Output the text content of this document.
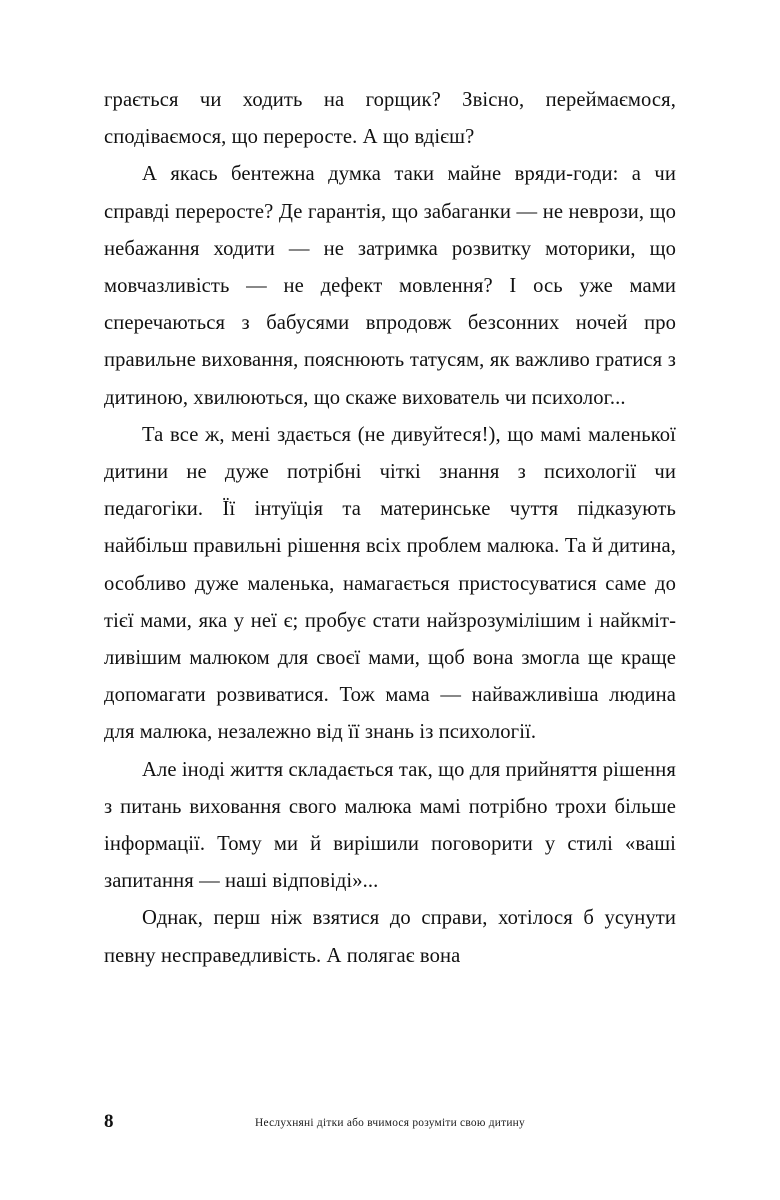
грається чи ходить на горщик? Звісно, переймаємося, сподіваємося, що переросте. А що вдієш?

А якась бентежна думка таки майне вряди-годи: а чи справді переросте? Де гарантія, що забаганки — не неврози, що небажання ходити — не затримка розвитку моторики, що мовчазливість — не дефект мовлення? І ось уже мами сперечаються з бабусями впродовж безсонних ночей про правильне виховання, пояснюють татусям, як важливо гратися з дитиною, хвилюються, що скаже вихователь чи психолог...

Та все ж, мені здається (не дивуйтеся!), що мамі маленької дитини не дуже потрібні чіткі знання з психології чи педагогіки. Її інтуїція та материнське чуття підказують найбільш правильні рішення всіх проблем малюка. Та й дитина, особливо дуже маленька, намагається пристосуватися саме до тієї мами, яка у неї є; пробує стати найзрозумілішим і найкмітливішим малюком для своєї мами, щоб вона змогла ще краще допомагати розвиватися. Тож мама — найважливіша людина для малюка, незалежно від її знань із психології.

Але іноді життя складається так, що для прийняття рішення з питань виховання свого малюка мамі потрібно трохи більше інформації. Тому ми й вирішили поговорити у стилі «ваші запитання — наші відповіді»...

Однак, перш ніж взятися до справи, хотілося б усунути певну несправедливість. А полягає вона

8	Неслухняні дітки або вчимося розуміти свою дитину
